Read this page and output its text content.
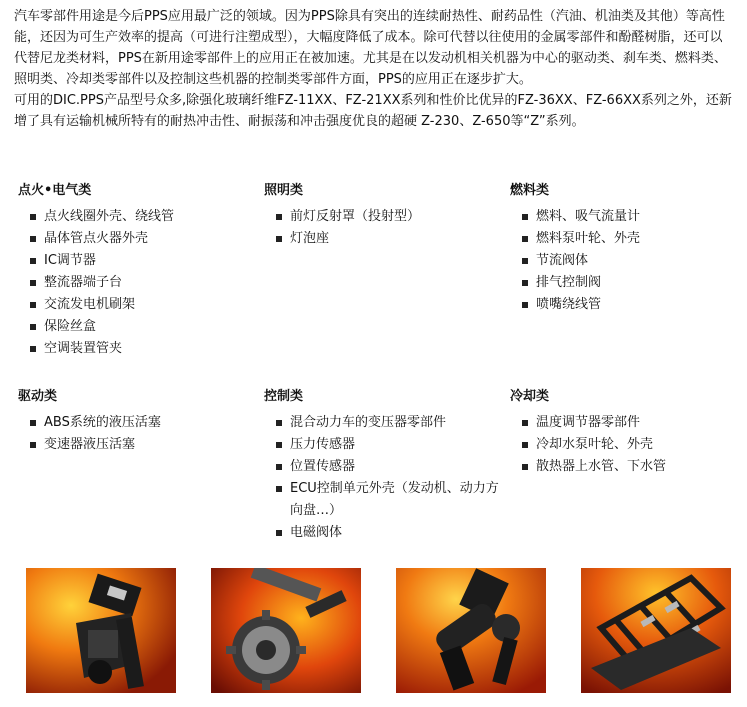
汽车零部件用途是今后PPS应用最广泛的领域。因为PPS除具有突出的连续耐热性、耐药品性（汽油、机油类及其他）等高性能，还因为可生产效率的提高（可进行注塑成型），大幅度降低了成本。除可代替以往使用的金属零部件和酚醛树脂，还可以代替尼龙类材料，PPS在新用途零部件上的应用正在被加速。尤其是在以发动机相关机器为中心的驱动类、刹车类、燃料类、照明类、冷却类零部件以及控制这些机器的控制类零部件方面，PPS的应用正在逐步扩大。

可用的DIC.PPS产品型号众多,除强化玻璃纤维FZ-11XX、FZ-21XX系列和性价比优异的FZ-36XX、FZ-66XX系列之外，还新增了具有运输机械所特有的耐热冲击性、耐振荡和冲击强度优良的超硬 Z-230、Z-650等“Z”系列。

点火•电气类
点火线圈外壳、绕线管
晶体管点火器外壳
IC调节器
整流器端子台
交流发电机刷架
保险丝盒
空调装置管夹
照明类
前灯反射罩（投射型）
灯泡座
燃料类
燃料、吸气流量计
燃料泵叶轮、外壳
节流阀体
排气控制阀
喷嘴绕线管
驱动类
ABS系统的液压活塞
变速器液压活塞
控制类
混合动力车的变压器零部件
压力传感器
位置传感器
ECU控制单元外壳（发动机、动力方向盘…）
电磁阀体
冷却类
温度调节器零部件
冷却水泵叶轮、外壳
散热器上水管、下水管
